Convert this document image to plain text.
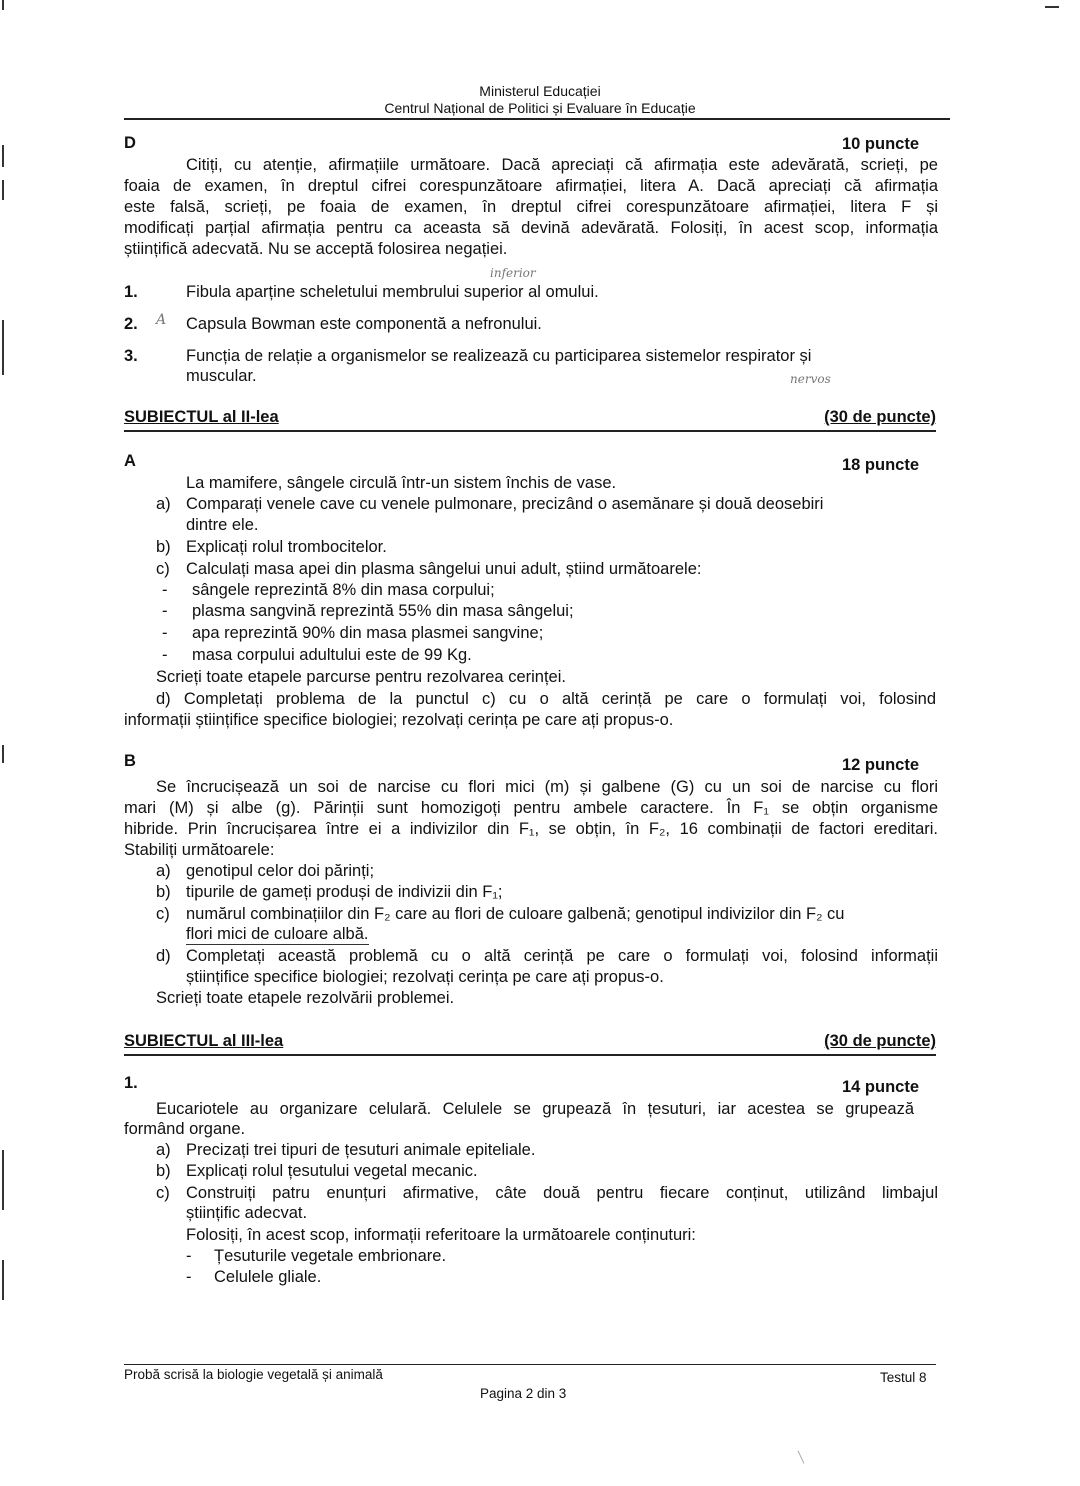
Ministerul Educației
Centrul Național de Politici și Evaluare în Educație
D	10 puncte
Citiți, cu atenție, afirmațiile următoare. Dacă apreciați că afirmația este adevărată, scrieți, pe
foaia de examen, în dreptul cifrei corespunzătoare afirmației, litera A. Dacă apreciați că afirmația
este falsă, scrieți, pe foaia de examen, în dreptul cifrei corespunzătoare afirmației, litera F și
modificați parțial afirmația pentru ca aceasta să devină adevărată. Folosiți, în acest scop, informația
științifică adecvată. Nu se acceptă folosirea negației.
inferior
1.	Fibula aparține scheletului membrului superior al omului.
2. A Capsula Bowman este componentă a nefronului.
3.	Funcția de relație a organismelor se realizează cu participarea sistemelor respirator și
muscular.	nervos
SUBIECTUL al II-lea	(30 de puncte)
A	18 puncte
La mamifere, sângele circulă într-un sistem închis de vase.
a) Comparați venele cave cu venele pulmonare, precizând o asemănare și două deosebiri
dintre ele.
b) Explicați rolul trombocitelor.
c) Calculați masa apei din plasma sângelui unui adult, știind următoarele:
- sângele reprezintă 8% din masa corpului;
- plasma sangvină reprezintă 55% din masa sângelui;
- apa reprezintă 90% din masa plasmei sangvine;
- masa corpului adultului este de 99 Kg.
Scrieți toate etapele parcurse pentru rezolvarea cerinței.
d) Completați problema de la punctul c) cu o altă cerință pe care o formulați voi, folosind
informații științifice specifice biologiei; rezolvați cerința pe care ați propus-o.
B	12 puncte
Se încrucișează un soi de narcise cu flori mici (m) și galbene (G) cu un soi de narcise cu flori
mari (M) și albe (g). Părinții sunt homozigoți pentru ambele caractere. În F₁ se obțin organisme
hibride. Prin încrucișarea între ei a indivizilor din F₁, se obțin, în F₂, 16 combinații de factori ereditari.
Stabiliți următoarele:
a) genotipul celor doi părinți;
b) tipurile de gameți produși de indivizii din F₁;
c) numărul combinațiilor din F₂ care au flori de culoare galbenă; genotipul indivizilor din F₂ cu
flori mici de culoare albă.
d) Completați această problemă cu o altă cerință pe care o formulați voi, folosind informații
științifice specifice biologiei; rezolvați cerința pe care ați propus-o.
Scrieți toate etapele rezolvării problemei.
SUBIECTUL al III-lea	(30 de puncte)
1.	14 puncte
Eucariotele au organizare celulară. Celulele se grupează în țesuturi, iar acestea se grupează
formând organe.
a) Precizați trei tipuri de țesuturi animale epiteliale.
b) Explicați rolul țesutului vegetal mecanic.
c) Construiți patru enunțuri afirmative, câte două pentru fiecare conținut, utilizând limbajul
științific adecvat.
Folosiți, în acest scop, informații referitoare la următoarele conținuturi:
- Țesuturile vegetale embrionare.
- Celulele gliale.
Probă scrisă la biologie vegetală și animală	Testul 8
Pagina 2 din 3
